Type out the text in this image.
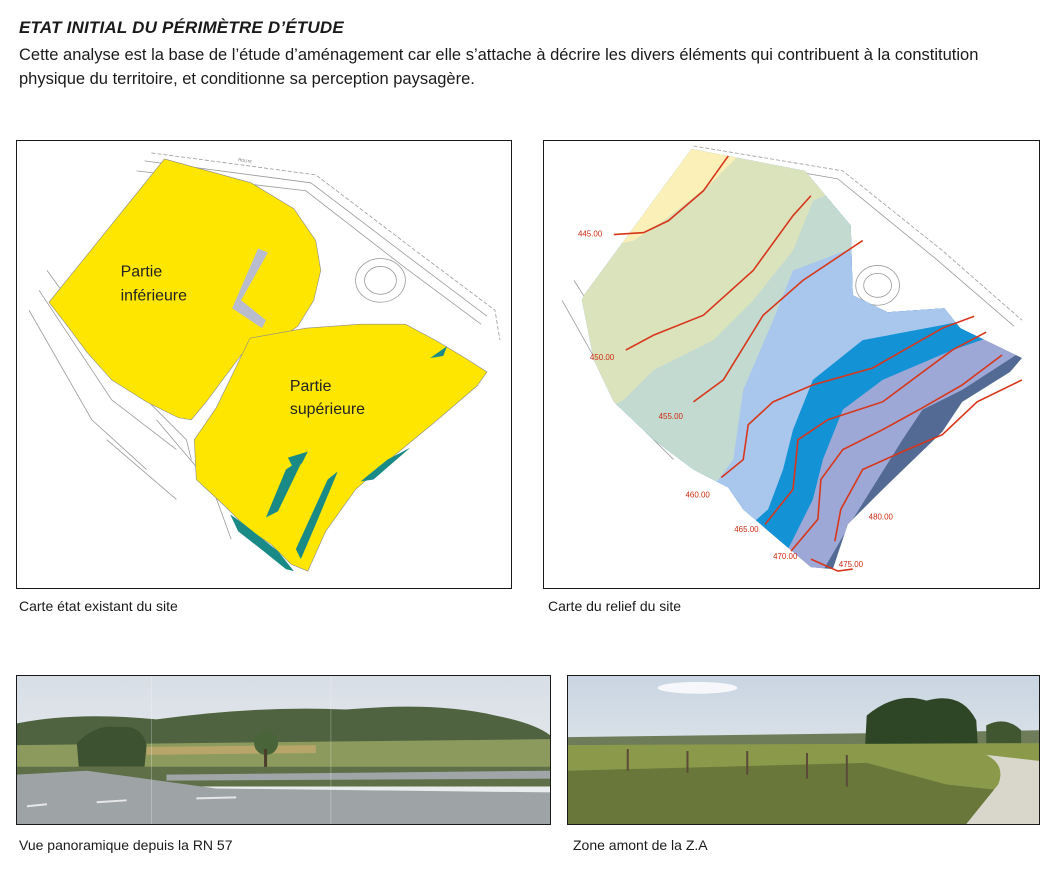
ETAT INITIAL DU PÉRIMÈTRE D’ÉTUDE

Cette analyse est la base de l’étude d’aménagement car elle s’attache à décrire les divers éléments qui contribuent à la constitution physique du territoire, et conditionne sa perception paysagère.

ROUTE
Partie
inférieure
Partie
supérieure

Carte état existant du site

445.00
450.00
455.00
460.00
465.00
470.00
475.00
480.00

Carte du relief du site

Vue panoramique depuis la RN 57	Zone amont de la Z.A
